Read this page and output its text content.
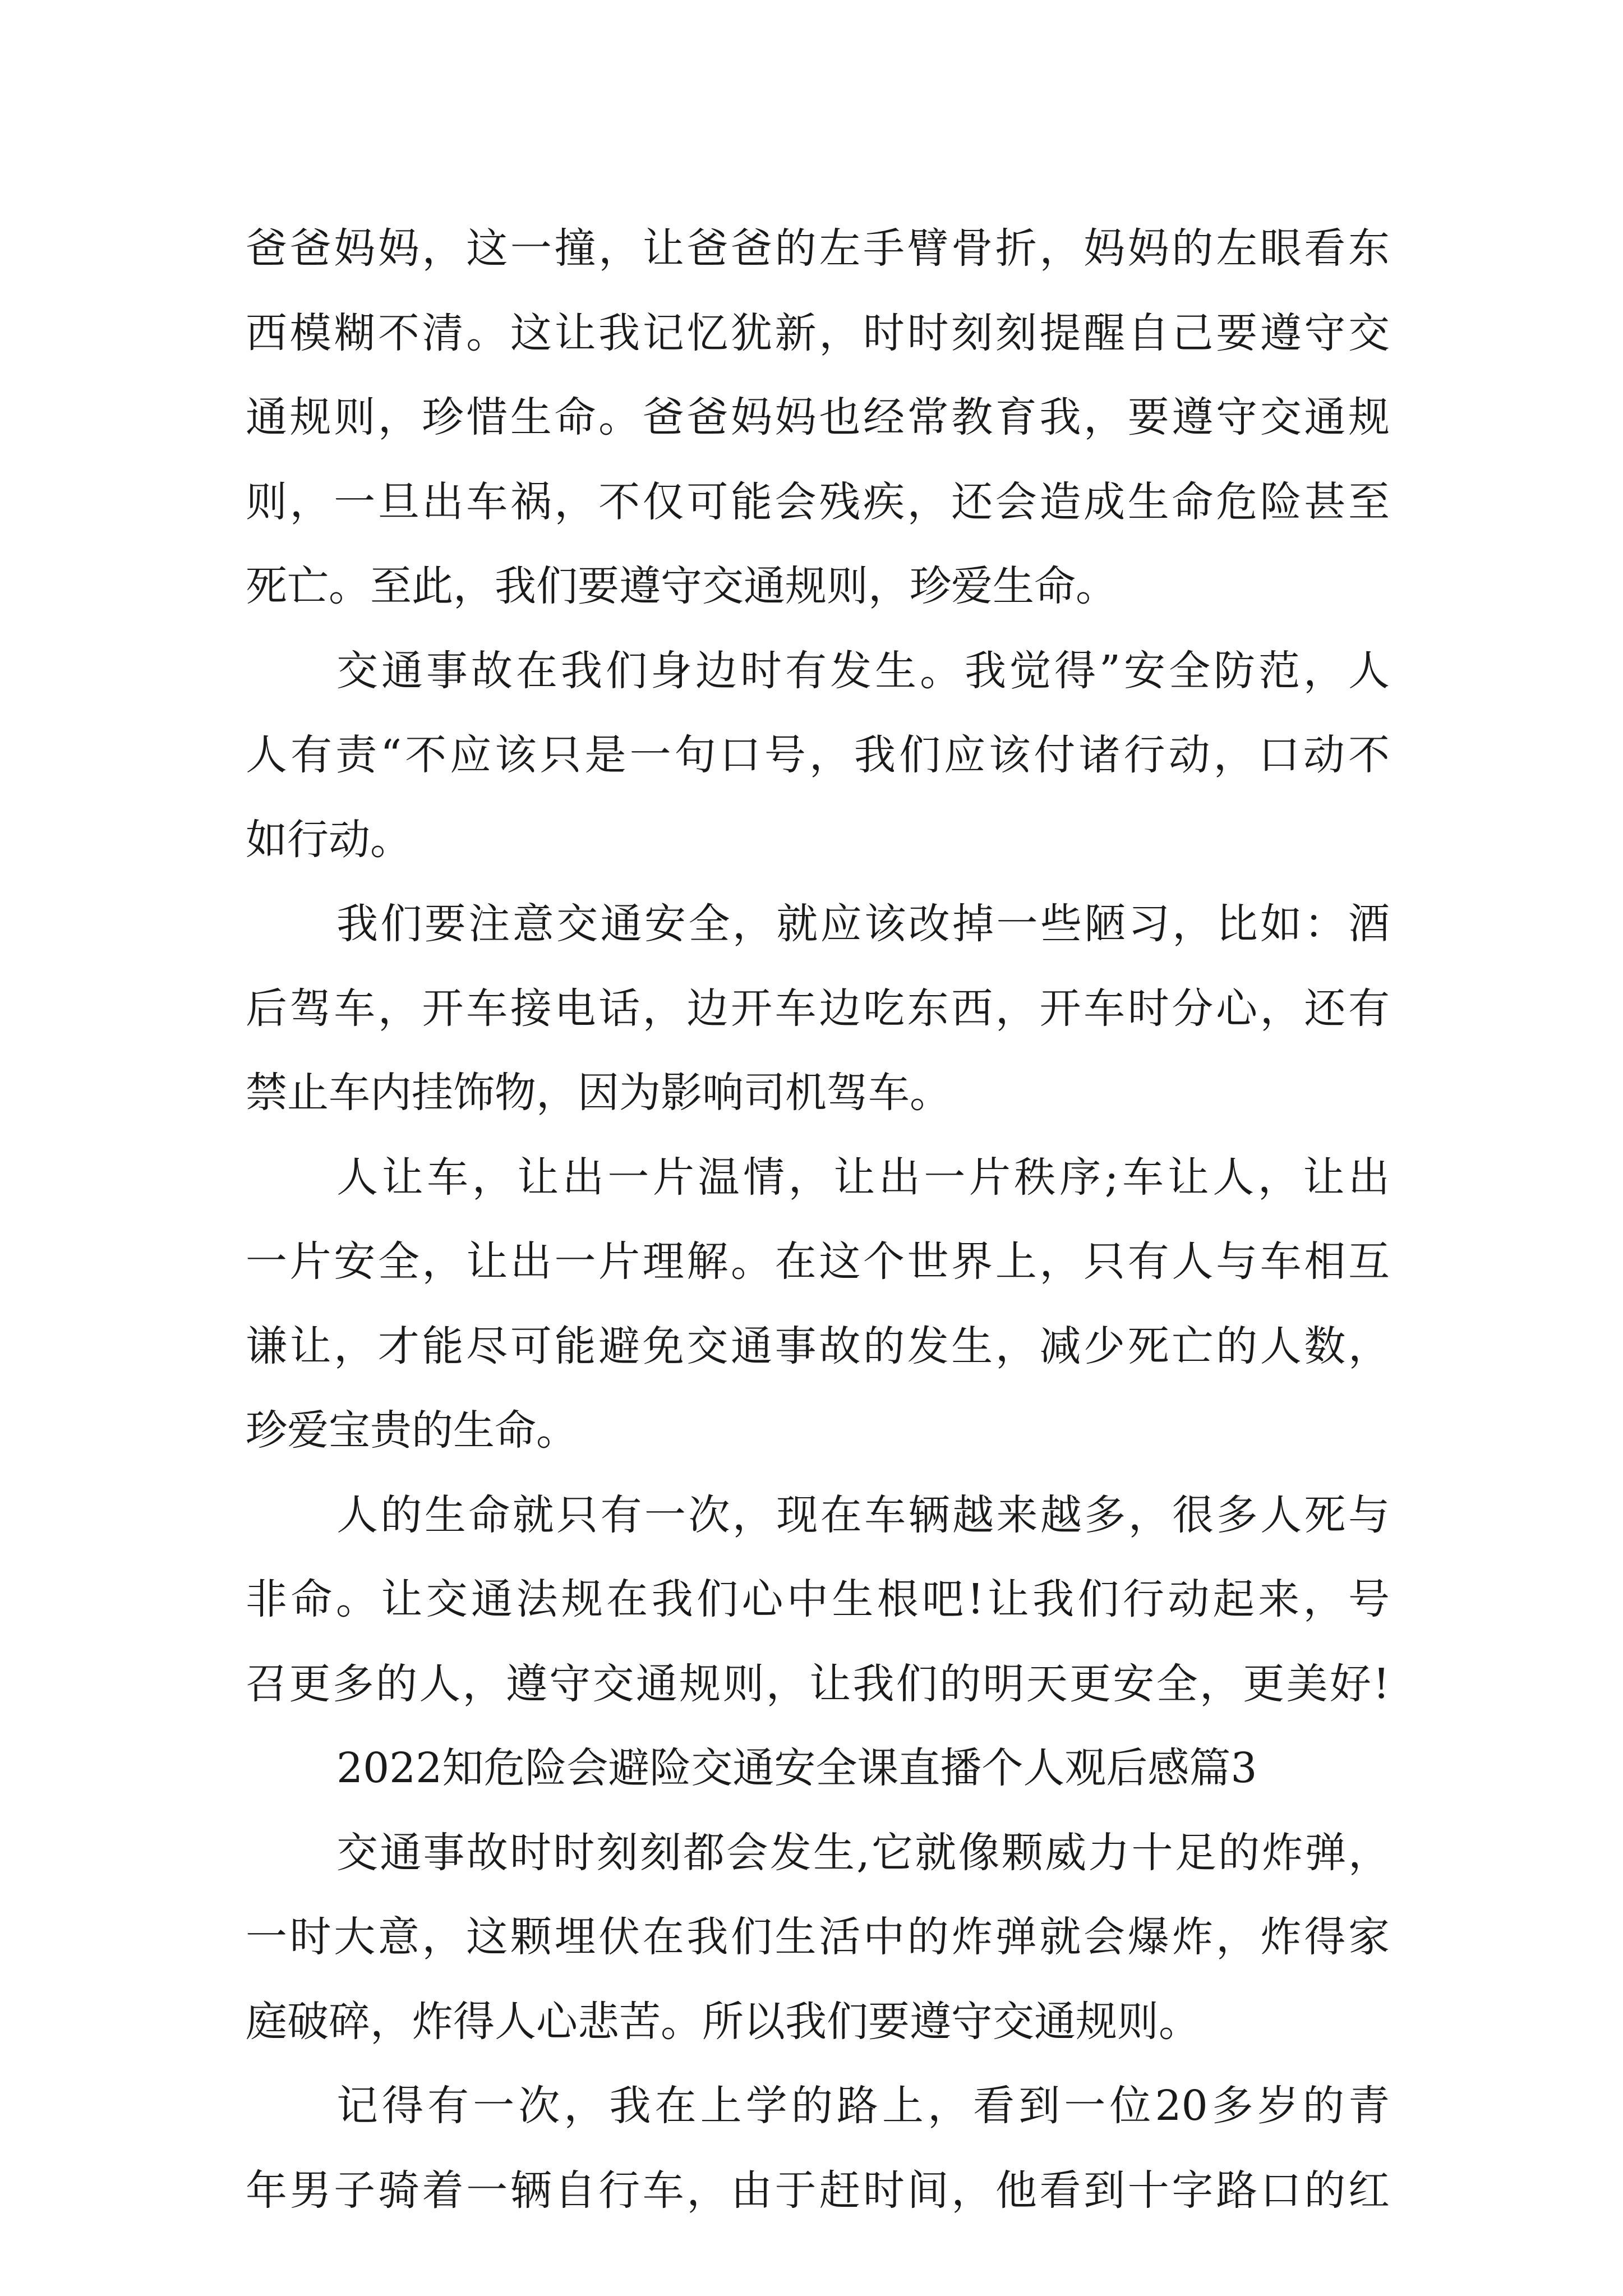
爸爸妈妈，这一撞，让爸爸的左手臂骨折，妈妈的左眼看东
西模糊不清。这让我记忆犹新，时时刻刻提醒自己要遵守交
通规则，珍惜生命。爸爸妈妈也经常教育我，要遵守交通规
则，一旦出车祸，不仅可能会残疾，还会造成生命危险甚至
死亡。至此，我们要遵守交通规则，珍爱生命。
交通事故在我们身边时有发生。我觉得”安全防范，人
人有责“不应该只是一句口号，我们应该付诸行动，口动不
如行动。
我们要注意交通安全，就应该改掉一些陋习，比如：酒
后驾车，开车接电话，边开车边吃东西，开车时分心，还有
禁止车内挂饰物，因为影响司机驾车。
人让车，让出一片温情，让出一片秩序;车让人，让出
一片安全，让出一片理解。在这个世界上，只有人与车相互
谦让，才能尽可能避免交通事故的发生，减少死亡的人数，
珍爱宝贵的生命。
人的生命就只有一次，现在车辆越来越多，很多人死与
非命。让交通法规在我们心中生根吧!让我们行动起来，号
召更多的人，遵守交通规则，让我们的明天更安全，更美好!
2022知危险会避险交通安全课直播个人观后感篇3
交通事故时时刻刻都会发生,它就像颗威力十足的炸弹，
一时大意，这颗埋伏在我们生活中的炸弹就会爆炸，炸得家
庭破碎，炸得人心悲苦。所以我们要遵守交通规则。
记得有一次，我在上学的路上，看到一位20多岁的青
年男子骑着一辆自行车，由于赶时间，他看到十字路口的红
